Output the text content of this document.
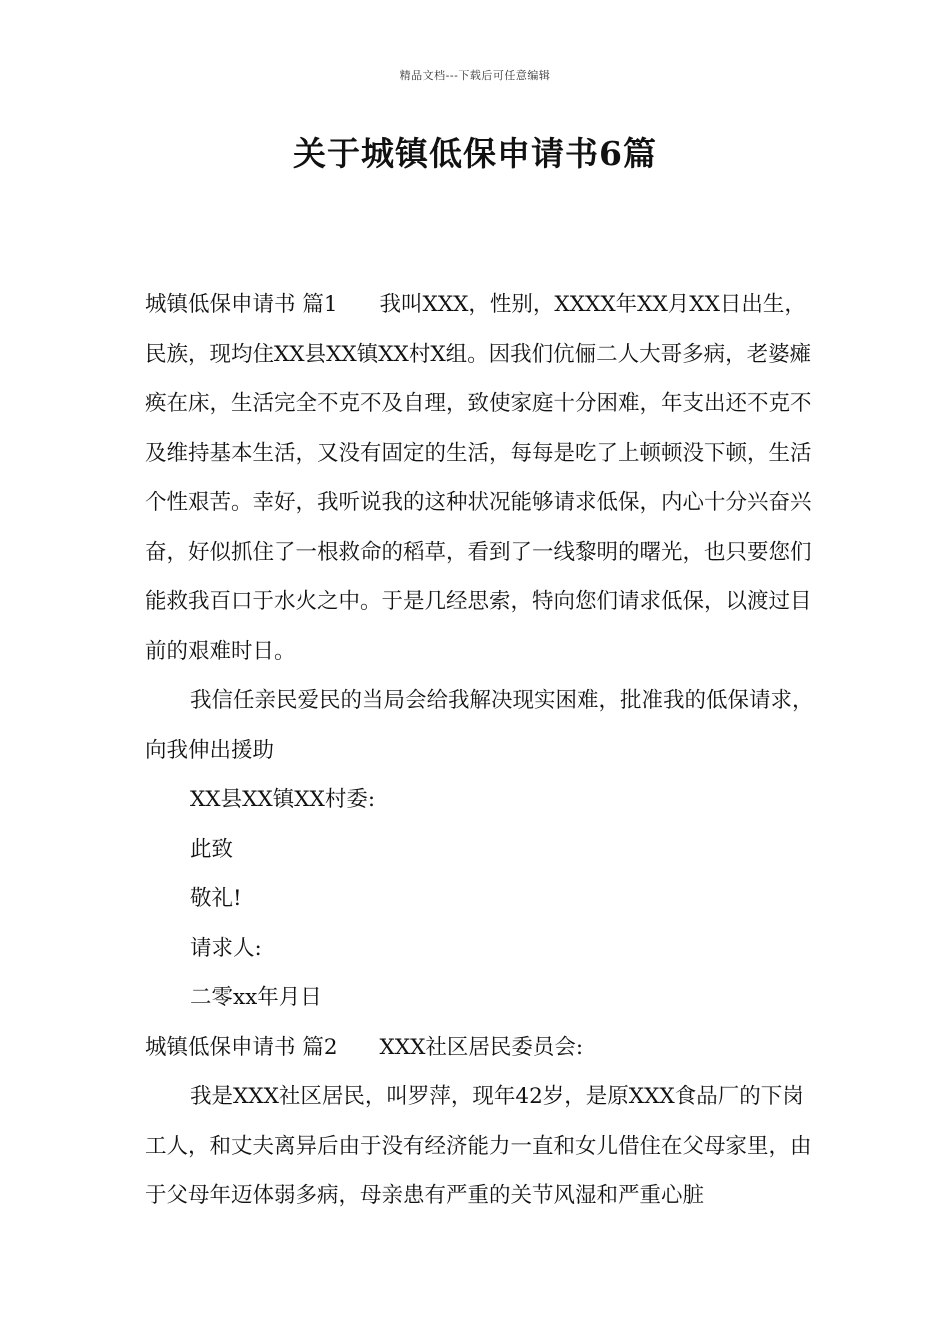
精品文档---下载后可任意编辑
关于城镇低保申请书6篇

城镇低保申请书 篇1 我叫XXX，性别，XXXX年XX月XX日出生，民族，现均住XX县XX镇XX村X组。因我们伉俪二人大哥多病，老婆瘫痪在床，生活完全不克不及自理，致使家庭十分困难，年支出还不克不及维持基本生活，又没有固定的生活，每每是吃了上顿顿没下顿，生活个性艰苦。幸好，我听说我的这种状况能够请求低保，内心十分兴奋兴奋，好似抓住了一根救命的稻草，看到了一线黎明的曙光，也只要您们能救我百口于水火之中。于是几经思索，特向您们请求低保，以渡过目前的艰难时日。

我信任亲民爱民的当局会给我解决现实困难，批准我的低保请求，向我伸出援助

XX县XX镇XX村委:

此致

敬礼!

请求人:

二零xx年月日

城镇低保申请书 篇2 XXX社区居民委员会:

我是XXX社区居民，叫罗萍，现年42岁，是原XXX食品厂的下岗工人，和丈夫离异后由于没有经济能力一直和女儿借住在父母家里，由于父母年迈体弱多病，母亲患有严重的关节风湿和严重心脏
